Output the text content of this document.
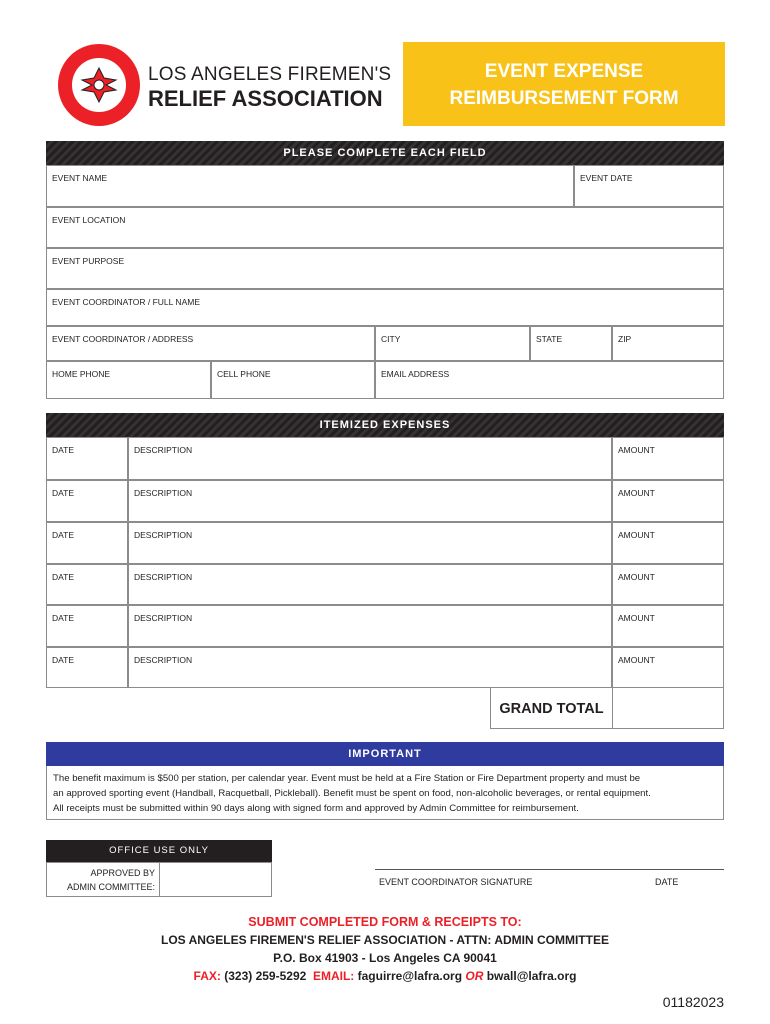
LOS ANGELES FIREMEN'S
RELIEF ASSOCIATION
EVENT EXPENSE
REIMBURSEMENT FORM
PLEASE COMPLETE EACH FIELD
EVENT NAME	EVENT DATE
EVENT LOCATION
EVENT PURPOSE
EVENT COORDINATOR / FULL NAME
EVENT COORDINATOR / ADDRESS	CITY	STATE	ZIP
HOME PHONE	CELL PHONE	EMAIL ADDRESS
ITEMIZED EXPENSES
DATE	DESCRIPTION	AMOUNT
DATE	DESCRIPTION	AMOUNT
DATE	DESCRIPTION	AMOUNT
DATE	DESCRIPTION	AMOUNT
DATE	DESCRIPTION	AMOUNT
DATE	DESCRIPTION	AMOUNT
GRAND TOTAL
IMPORTANT
The benefit maximum is $500 per station, per calendar year. Event must be held at a Fire Station or Fire Department property and must be
an approved sporting event (Handball, Racquetball, Pickleball). Benefit must be spent on food, non-alcoholic beverages, or rental equipment.
All receipts must be submitted within 90 days along with signed form and approved by Admin Committee for reimbursement.
OFFICE USE ONLY
APPROVED BY
ADMIN COMMITTEE:	EVENT COORDINATOR SIGNATURE	DATE
SUBMIT COMPLETED FORM & RECEIPTS TO:
LOS ANGELES FIREMEN'S RELIEF ASSOCIATION - ATTN: ADMIN COMMITTEE
P.O. Box 41903 - Los Angeles CA 90041
FAX: (323) 259-5292 EMAIL: faguirre@lafra.org OR bwall@lafra.org
01182023
